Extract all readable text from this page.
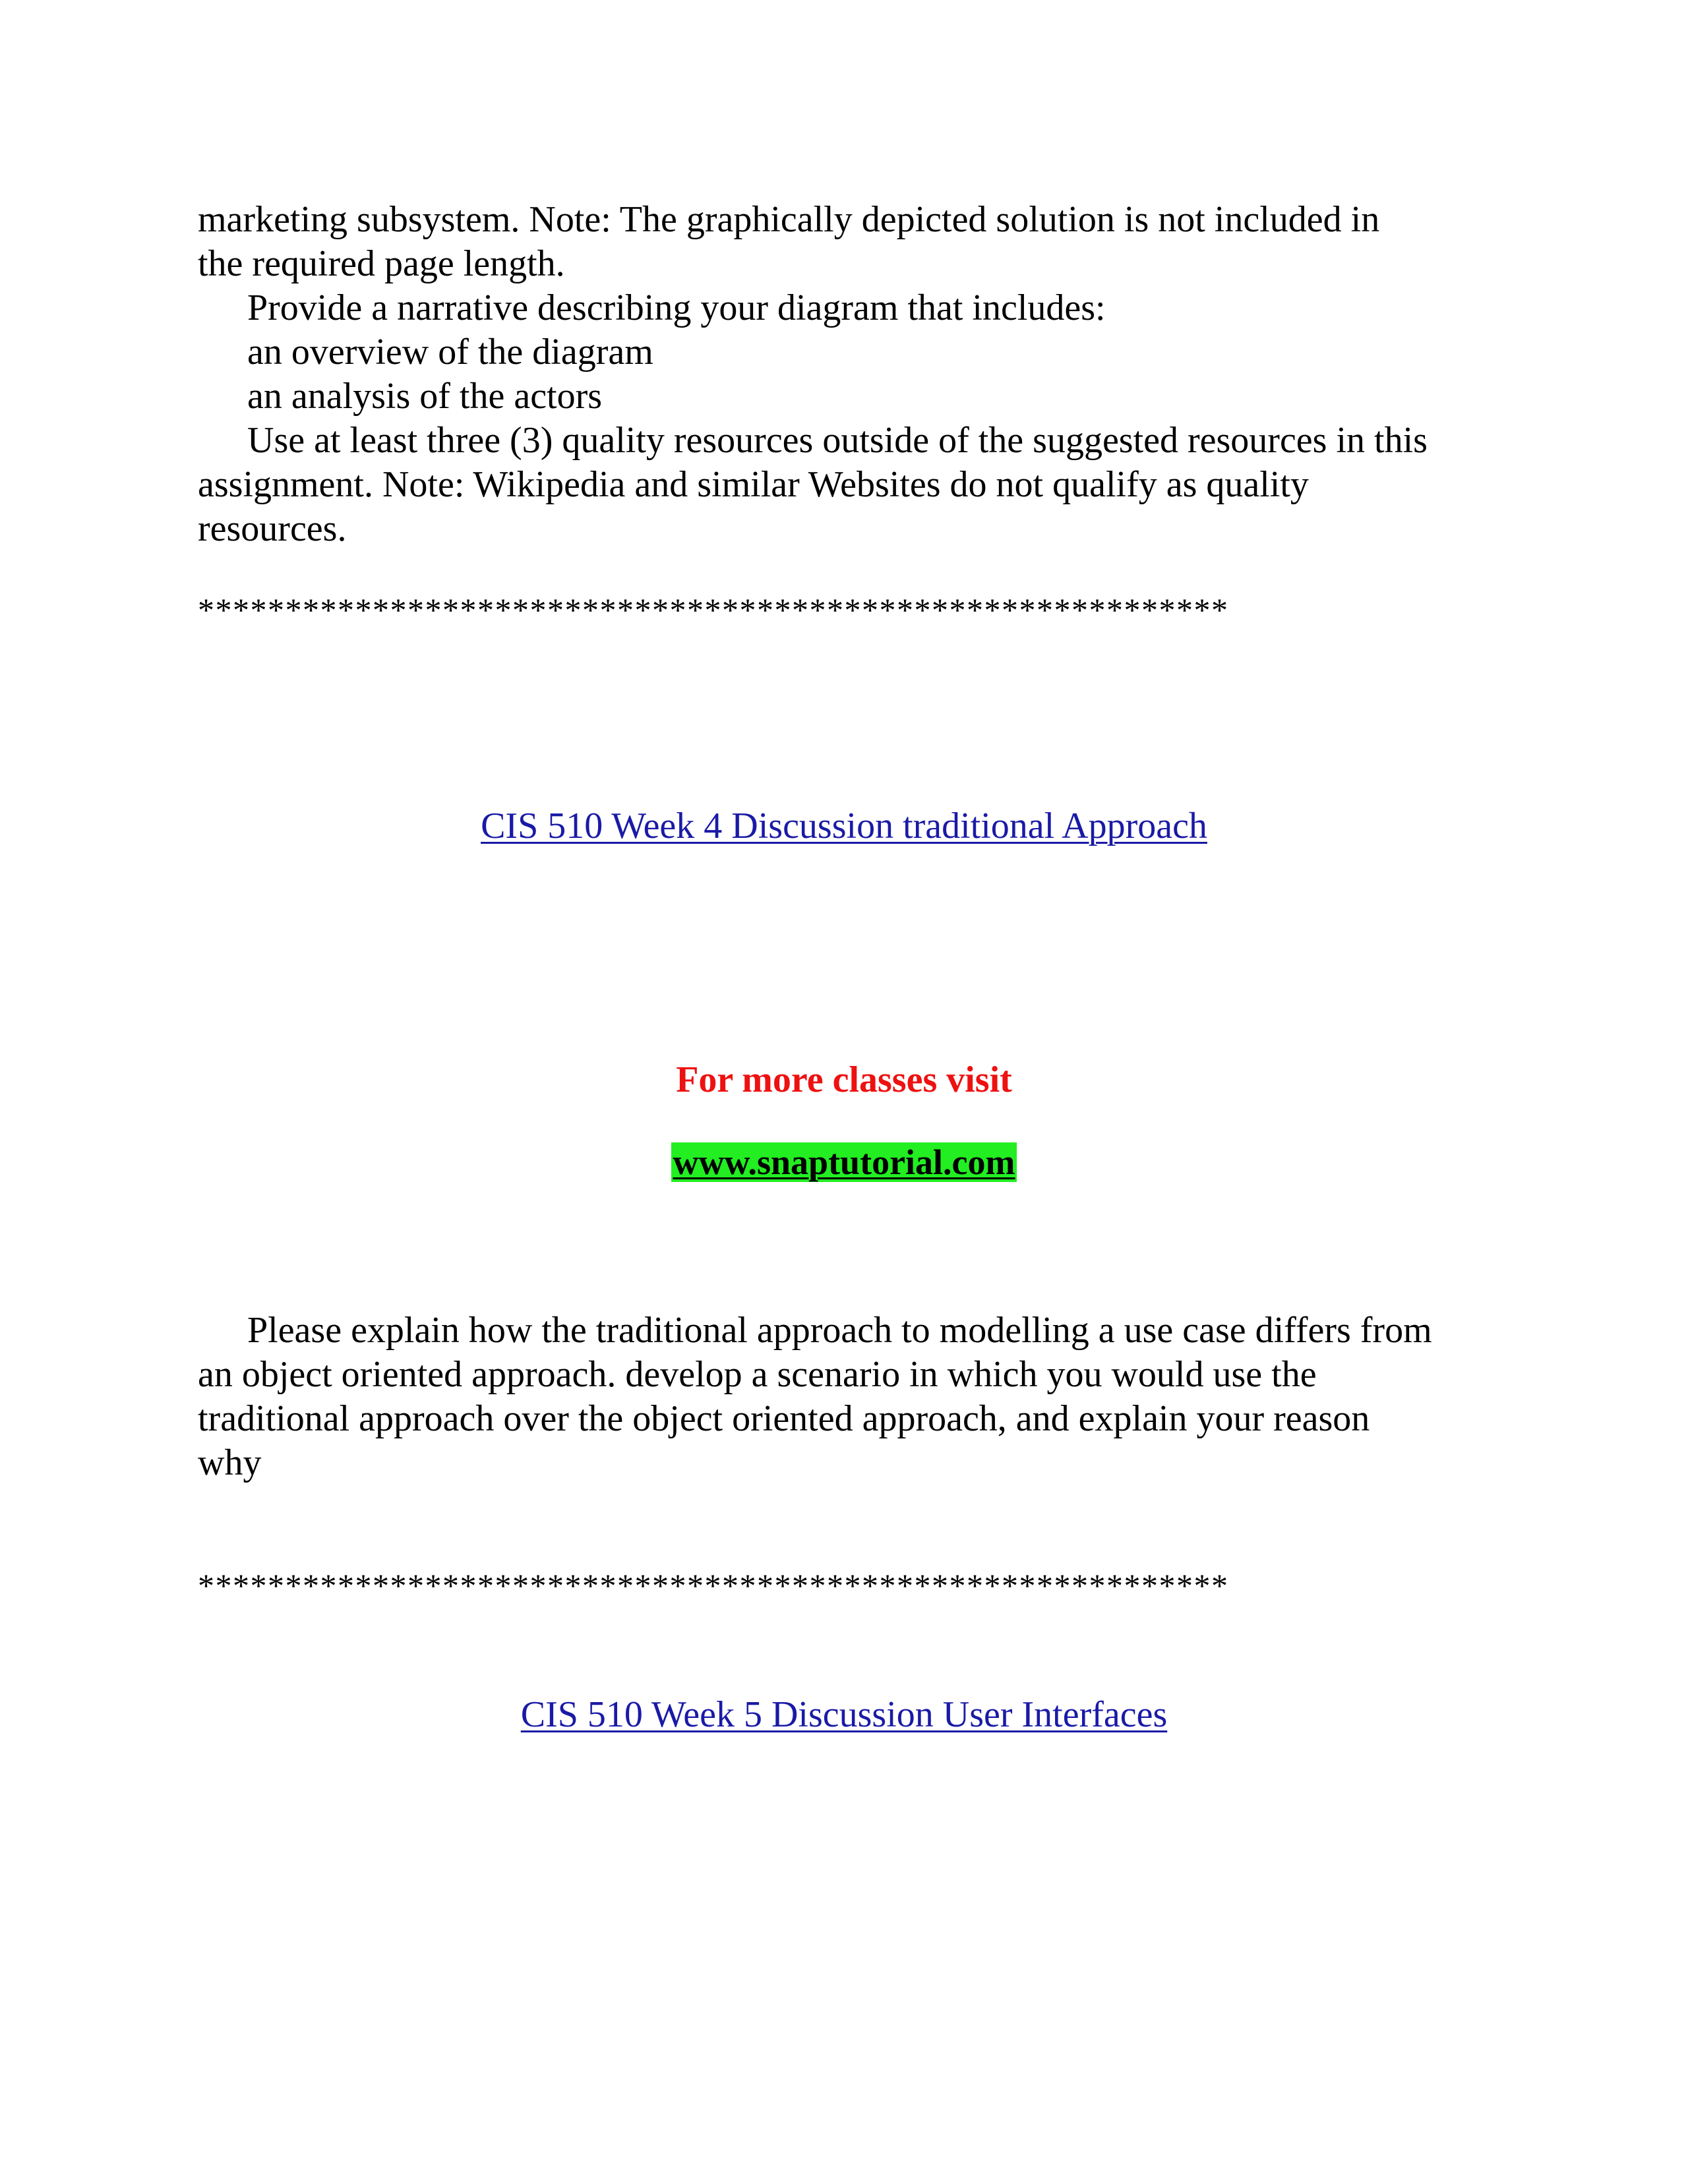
marketing subsystem. Note: The graphically depicted solution is not included in
the required page length.
Provide a narrative describing your diagram that includes:
an overview of the diagram
an analysis of the actors
Use at least three (3) quality resources outside of the suggested resources in this
assignment. Note: Wikipedia and similar Websites do not qualify as quality
resources.
***********************************************************
CIS 510 Week 4 Discussion traditional Approach
For more classes visit
www.snaptutorial.com
Please explain how the traditional approach to modelling a use case differs from
an object oriented approach. develop a scenario in which you would use the
traditional approach over the object oriented approach, and explain your reason
why
***********************************************************
CIS 510 Week 5 Discussion User Interfaces
